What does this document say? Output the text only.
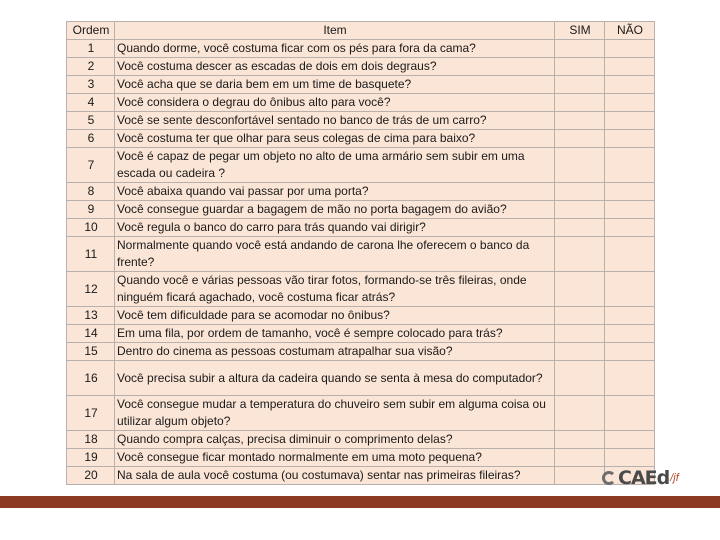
Ordem	Item	SIM	NÃO
1	Quando dorme, você costuma ficar com os pés para fora da cama?		
2	Você costuma descer as escadas de dois em dois degraus?		
3	Você acha que se daria bem em um time de basquete?		
4	Você considera o degrau do ônibus alto para você?		
5	Você se sente desconfortável sentado no banco de trás de um carro?		
6	Você costuma ter que olhar para seus colegas de cima para baixo?		
7	Você é capaz de pegar um objeto no alto de uma armário sem subir em uma escada ou cadeira ?		
8	Você abaixa quando vai passar por uma porta?		
9	Você consegue guardar a bagagem de mão no porta bagagem do avião?		
10	Você regula o banco do carro para trás quando vai dirigir?		
11	Normalmente quando você está andando de carona lhe oferecem o banco da frente?		
12	Quando você e várias pessoas vão tirar fotos, formando-se três fileiras, onde ninguém ficará agachado, você costuma ficar atrás?		
13	Você tem dificuldade para se acomodar no ônibus?		
14	Em uma fila, por ordem de tamanho, você é sempre colocado para trás?		
15	Dentro do cinema as pessoas costumam atrapalhar sua visão?		
16	Você precisa subir a altura da cadeira quando se senta à mesa do computador?		
17	Você consegue mudar a temperatura do chuveiro sem subir em alguma coisa ou utilizar algum objeto?		
18	Quando compra calças, precisa diminuir o comprimento delas?		
19	Você consegue ficar montado normalmente em uma moto pequena?		
20	Na sala de aula você costuma (ou costumava) sentar nas primeiras fileiras?			CAEd /jf
